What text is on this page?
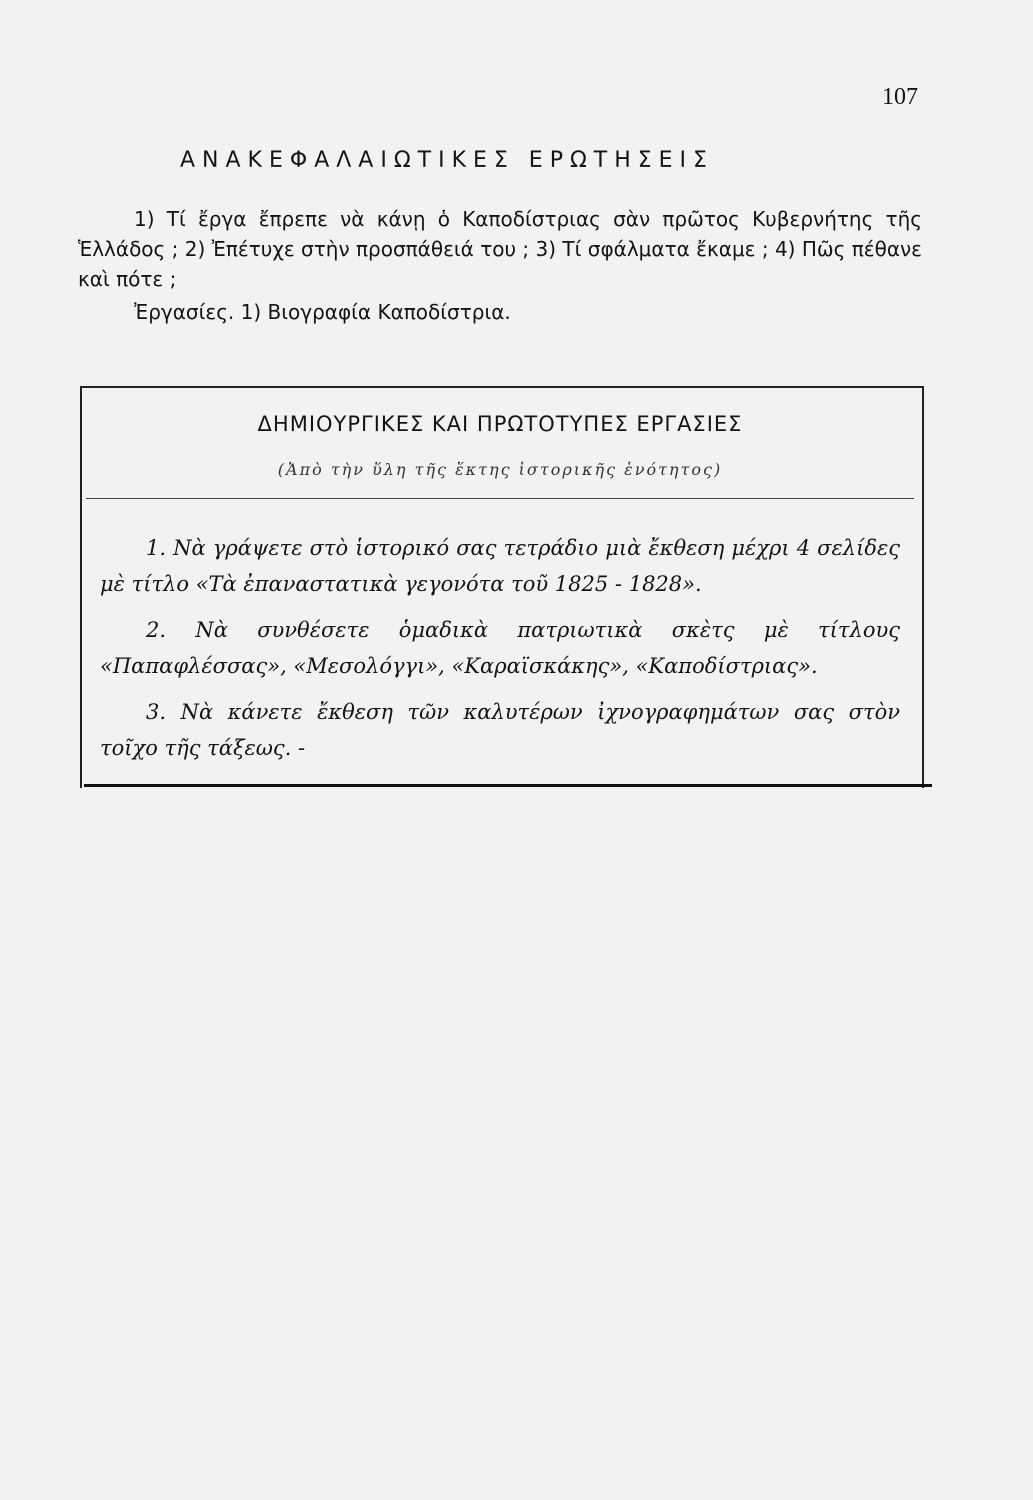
107
ΑΝΑΚΕΦΑΛΑΙΩΤΙΚΕΣ ΕΡΩΤΗΣΕΙΣ
1) Τί ἔργα ἔπρεπε νὰ κάνῃ ὁ Καποδίστριας σὰν πρῶτος Κυβερνήτης τῆς Ἑλλάδος ; 2) Ἐπέτυχε στὴν προσπάθειά του ; 3) Τί σφάλματα ἔκαμε ; 4) Πῶς πέθανε καὶ πότε ;
Ἐργασίες. 1) Βιογραφία Καποδίστρια.
ΔΗΜΙΟΥΡΓΙΚΕΣ ΚΑΙ ΠΡΩΤΟΤΥΠΕΣ ΕΡΓΑΣΙΕΣ
(Ἀπὸ τὴν ὕλη τῆς ἕκτης ἱστορικῆς ἑνότητος)

1. Νὰ γράψετε στὸ ἱστορικό σας τετράδιο μιὰ ἔκθεση μέχρι 4 σελίδες μὲ τίτλο «Τὰ ἐπαναστατικὰ γεγονότα τοῦ 1825 - 1828».

2. Νὰ συνθέσετε ὁμαδικὰ πατριωτικὰ σκὲτς μὲ τίτλους «Παπαφλέσσας», «Μεσολόγγι», «Καραϊσκάκης», «Καποδίστριας».

3. Νὰ κάνετε ἔκθεση τῶν καλυτέρων ἰχνογραφημάτων σας στὸν τοῖχο τῆς τάξεως. -
